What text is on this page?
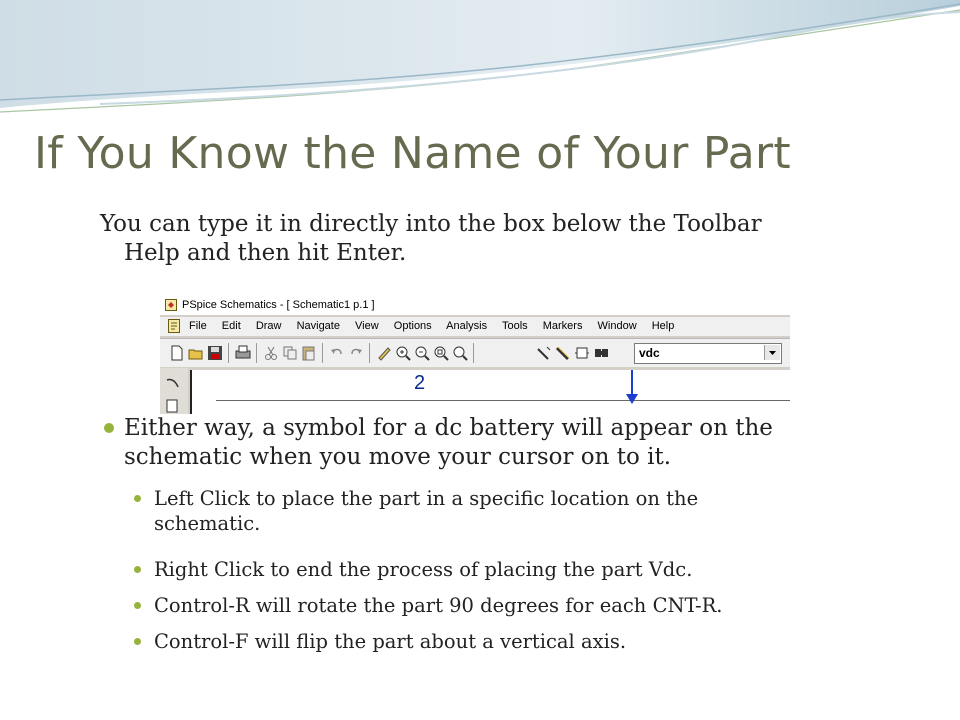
If You Know the Name of Your Part
You can type it in directly into the box below the Toolbar
Help and then hit Enter.
PSpice Schematics - [ Schematic1 p.1 ]
File Edit Draw Navigate View Options Analysis Tools Markers Window Help
vdc
2
Either way, a symbol for a dc battery will appear on the
schematic when you move your cursor on to it.
Left Click to place the part in a specific location on the
schematic.
Right Click to end the process of placing the part Vdc.
Control-R will rotate the part 90 degrees for each CNT-R.
Control-F will flip the part about a vertical axis.
